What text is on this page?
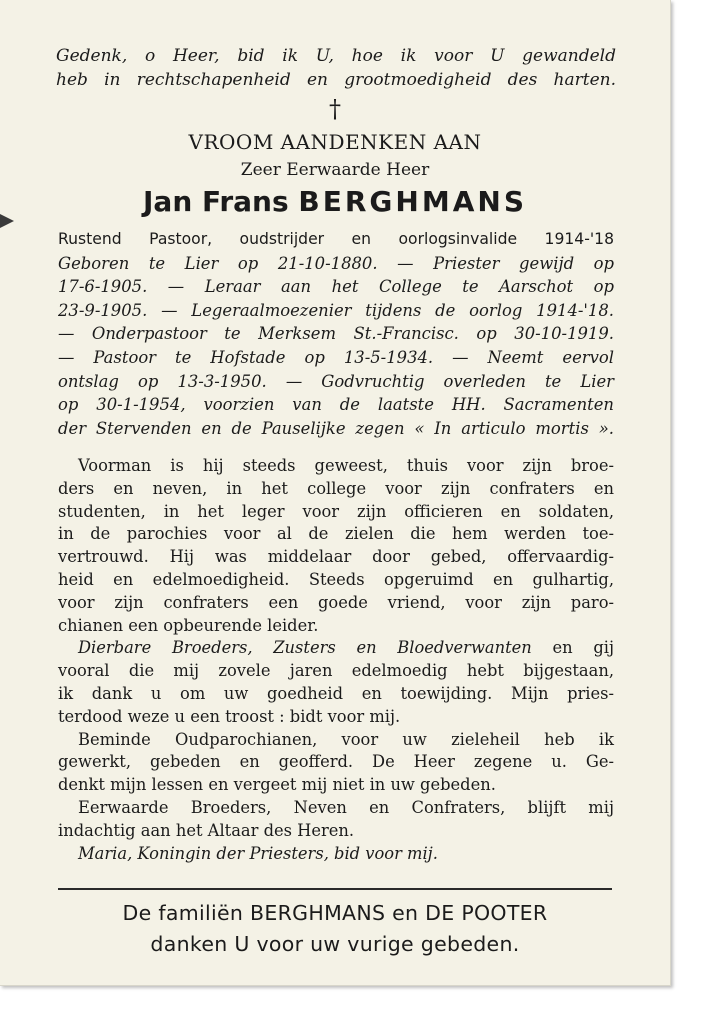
Gedenk, o Heer, bid ik U, hoe ik voor U gewandeld
heb in rechtschapenheid en grootmoedigheid des harten.
†
VROOM AANDENKEN AAN
Zeer Eerwaarde Heer
Jan Frans BERGHMANS
Rustend Pastoor, oudstrijder en oorlogsinvalide 1914-'18
Geboren te Lier op 21-10-1880. — Priester gewijd op
17-6-1905. — Leraar aan het College te Aarschot op
23-9-1905. — Legeraalmoezenier tijdens de oorlog 1914-'18.
— Onderpastoor te Merksem St.-Francisc. op 30-10-1919.
— Pastoor te Hofstade op 13-5-1934. — Neemt eervol
ontslag op 13-3-1950. — Godvruchtig overleden te Lier
op 30-1-1954, voorzien van de laatste HH. Sacramenten
der Stervenden en de Pauselijke zegen « In articulo mortis ».
Voorman is hij steeds geweest, thuis voor zijn broe-
ders en neven, in het college voor zijn confraters en
studenten, in het leger voor zijn officieren en soldaten,
in de parochies voor al de zielen die hem werden toe-
vertrouwd. Hij was middelaar door gebed, offervaardig-
heid en edelmoedigheid. Steeds opgeruimd en gulhartig,
voor zijn confraters een goede vriend, voor zijn paro-
chianen een opbeurende leider.
Dierbare Broeders, Zusters en Bloedverwanten en gij
vooral die mij zovele jaren edelmoedig hebt bijgestaan,
ik dank u om uw goedheid en toewijding. Mijn pries-
terdood weze u een troost : bidt voor mij.
Beminde Oudparochianen, voor uw zieleheil heb ik
gewerkt, gebeden en geofferd. De Heer zegene u. Ge-
denkt mijn lessen en vergeet mij niet in uw gebeden.
Eerwaarde Broeders, Neven en Confraters, blijft mij
indachtig aan het Altaar des Heren.
Maria, Koningin der Priesters, bid voor mij.
De familiën BERGHMANS en DE POOTER
danken U voor uw vurige gebeden.
